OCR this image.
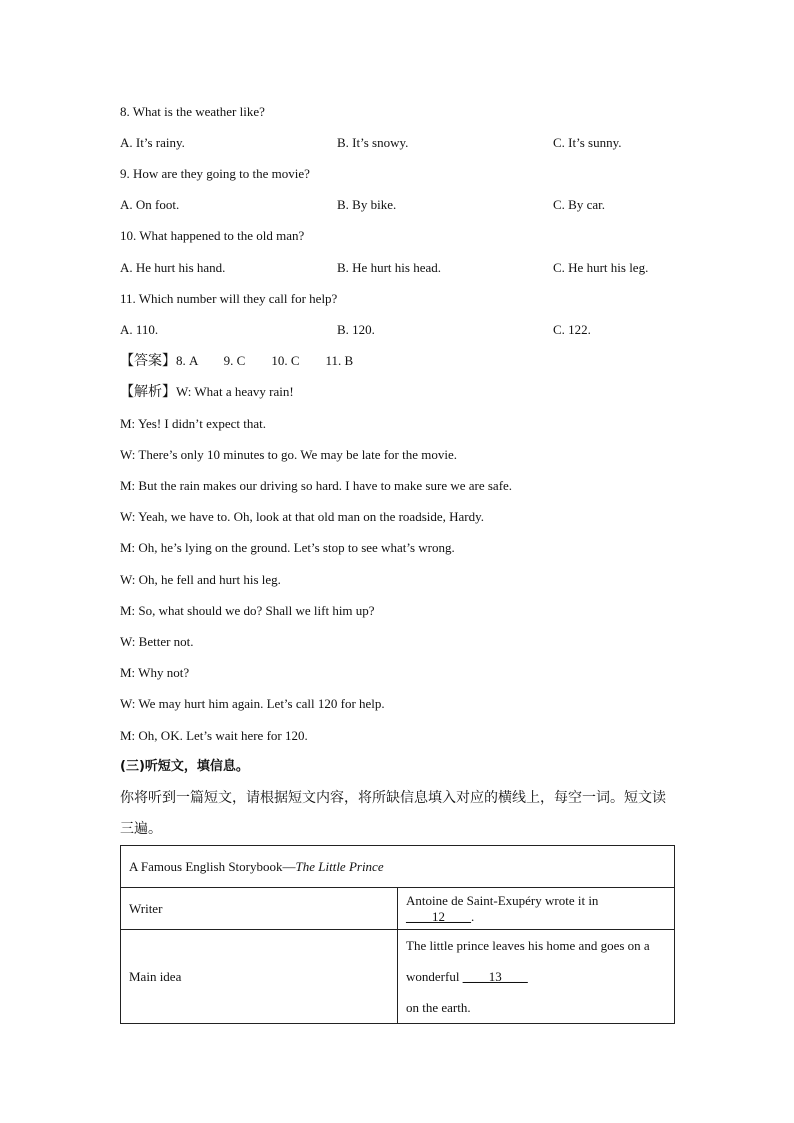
8. What is the weather like?
A. It’s rainy.	B. It’s snowy.	C. It’s sunny.
9. How are they going to the movie?
A. On foot.	B. By bike.	C. By car.
10. What happened to the old man?
A. He hurt his hand.	B. He hurt his head.	C. He hurt his leg.
11. Which number will they call for help?
A. 110.	B. 120.	C. 122.
【答案】8. A        9. C        10. C        11. B
【解析】W: What a heavy rain!
M: Yes! I didn’t expect that.
W: There’s only 10 minutes to go. We may be late for the movie.
M: But the rain makes our driving so hard. I have to make sure we are safe.
W: Yeah, we have to. Oh, look at that old man on the roadside, Hardy.
M: Oh, he’s lying on the ground. Let’s stop to see what’s wrong.
W: Oh, he fell and hurt his leg.
M: So, what should we do? Shall we lift him up?
W: Better not.
M: Why not?
W: We may hurt him again. Let’s call 120 for help.
M: Oh, OK. Let’s wait here for 120.
(三)听短文，填信息。
你将听到一篇短文，请根据短文内容，将所缺信息填入对应的横线上，每空一词。短文读
三遍。
A Famous English Storybook—The Little Prince	
Writer	Antoine de Saint-Exupéry wrote it in ____12____.
Main idea	The little prince leaves his home and goes on a wonderful ____13____
on the earth.
